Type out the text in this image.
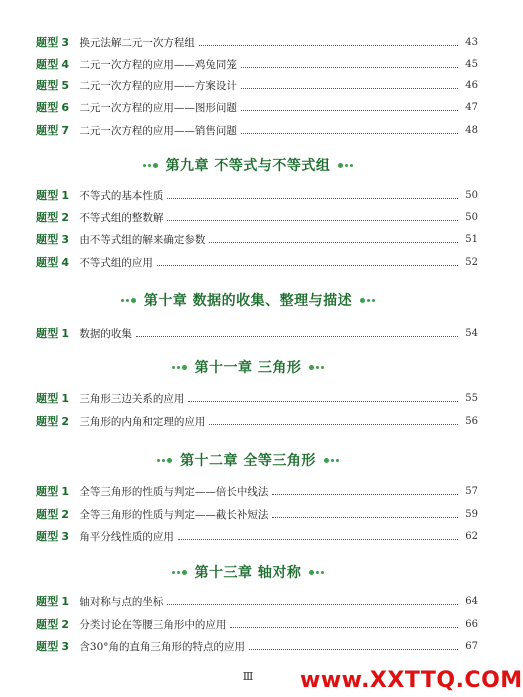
题型 3 换元法解二元一次方程组	43
题型 4 二元一次方程的应用——鸡兔同笼	45
题型 5 二元一次方程的应用——方案设计	46
题型 6 二元一次方程的应用——图形问题	47
题型 7 二元一次方程的应用——销售问题	48
第九章 不等式与不等式组
题型 1 不等式的基本性质	50
题型 2 不等式组的整数解	50
题型 3 由不等式组的解来确定参数	51
题型 4 不等式组的应用	52
第十章 数据的收集、整理与描述
题型 1 数据的收集	54
第十一章 三角形
题型 1 三角形三边关系的应用	55
题型 2 三角形的内角和定理的应用	56
第十二章 全等三角形
题型 1 全等三角形的性质与判定——倍长中线法	57
题型 2 全等三角形的性质与判定——截长补短法	59
题型 3 角平分线性质的应用	62
第十三章 轴对称
题型 1 轴对称与点的坐标	64
题型 2 分类讨论在等腰三角形中的应用	66
题型 3 含30°角的直角三角形的特点的应用	67
Ⅲ	www.XXTTQ.COM
